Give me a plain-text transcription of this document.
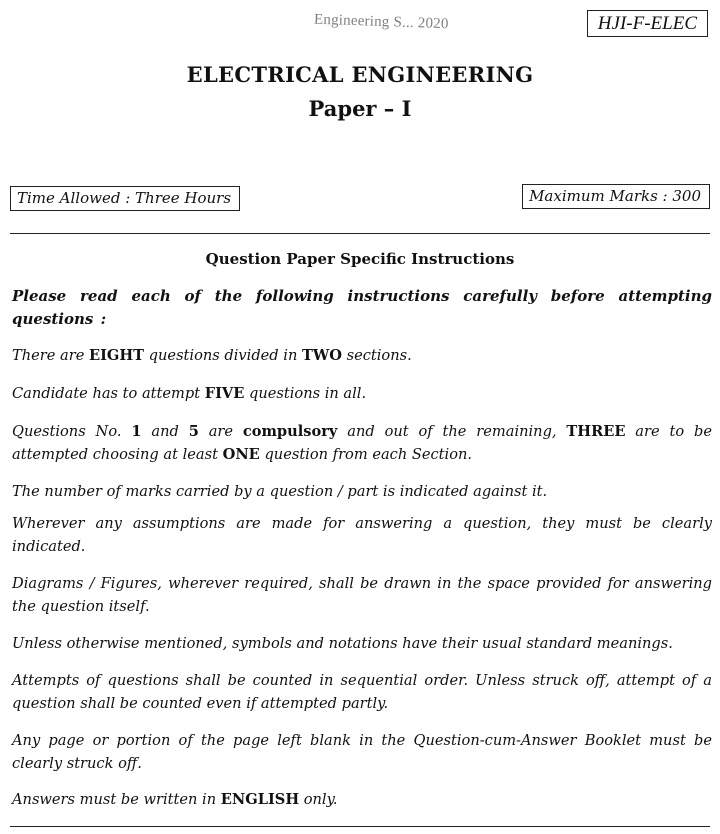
Engineering S... 2020	HJI-F-ELEC
ELECTRICAL ENGINEERING
Paper – I
Time Allowed : Three Hours	Maximum Marks : 300
Question Paper Specific Instructions
Please read each of the following instructions carefully before attempting questions :
There are EIGHT questions divided in TWO sections.
Candidate has to attempt FIVE questions in all.
Questions No. 1 and 5 are compulsory and out of the remaining, THREE are to be attempted choosing at least ONE question from each Section.
The number of marks carried by a question / part is indicated against it.
Wherever any assumptions are made for answering a question, they must be clearly indicated.
Diagrams / Figures, wherever required, shall be drawn in the space provided for answering the question itself.
Unless otherwise mentioned, symbols and notations have their usual standard meanings.
Attempts of questions shall be counted in sequential order. Unless struck off, attempt of a question shall be counted even if attempted partly.
Any page or portion of the page left blank in the Question-cum-Answer Booklet must be clearly struck off.
Answers must be written in ENGLISH only.
